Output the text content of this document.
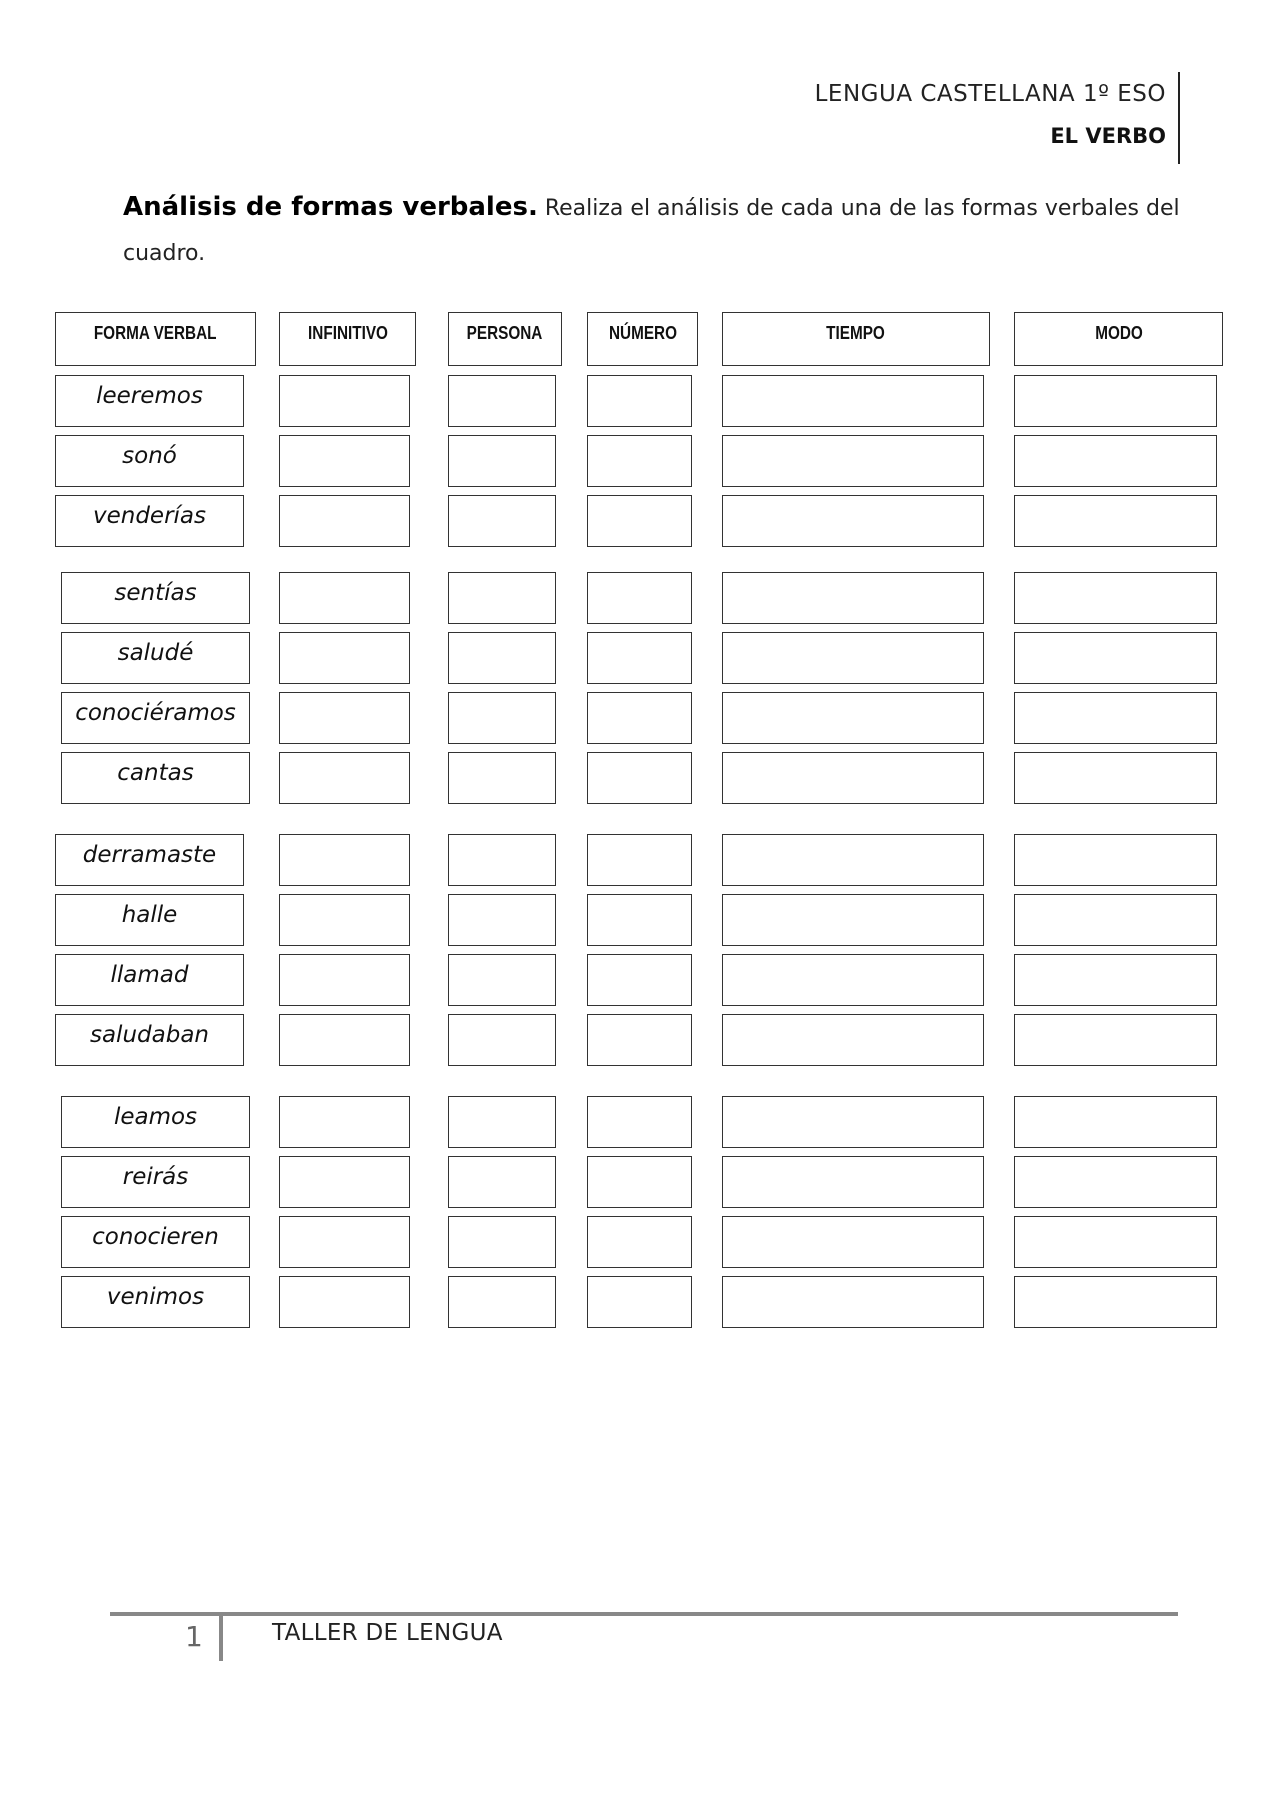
LENGUA CASTELLANA 1º ESO
EL VERBO
Análisis de formas verbales. Realiza el análisis de cada una de las formas verbales del cuadro.
FORMA VERBAL	INFINITIVO	PERSONA	NÚMERO	TIEMPO	MODO
leeremos
sonó
venderías
sentías
saludé
conociéramos
cantas
derramaste
halle
llamad
saludaban
leamos
reirás
conocieren
venimos
1	TALLER DE LENGUA
